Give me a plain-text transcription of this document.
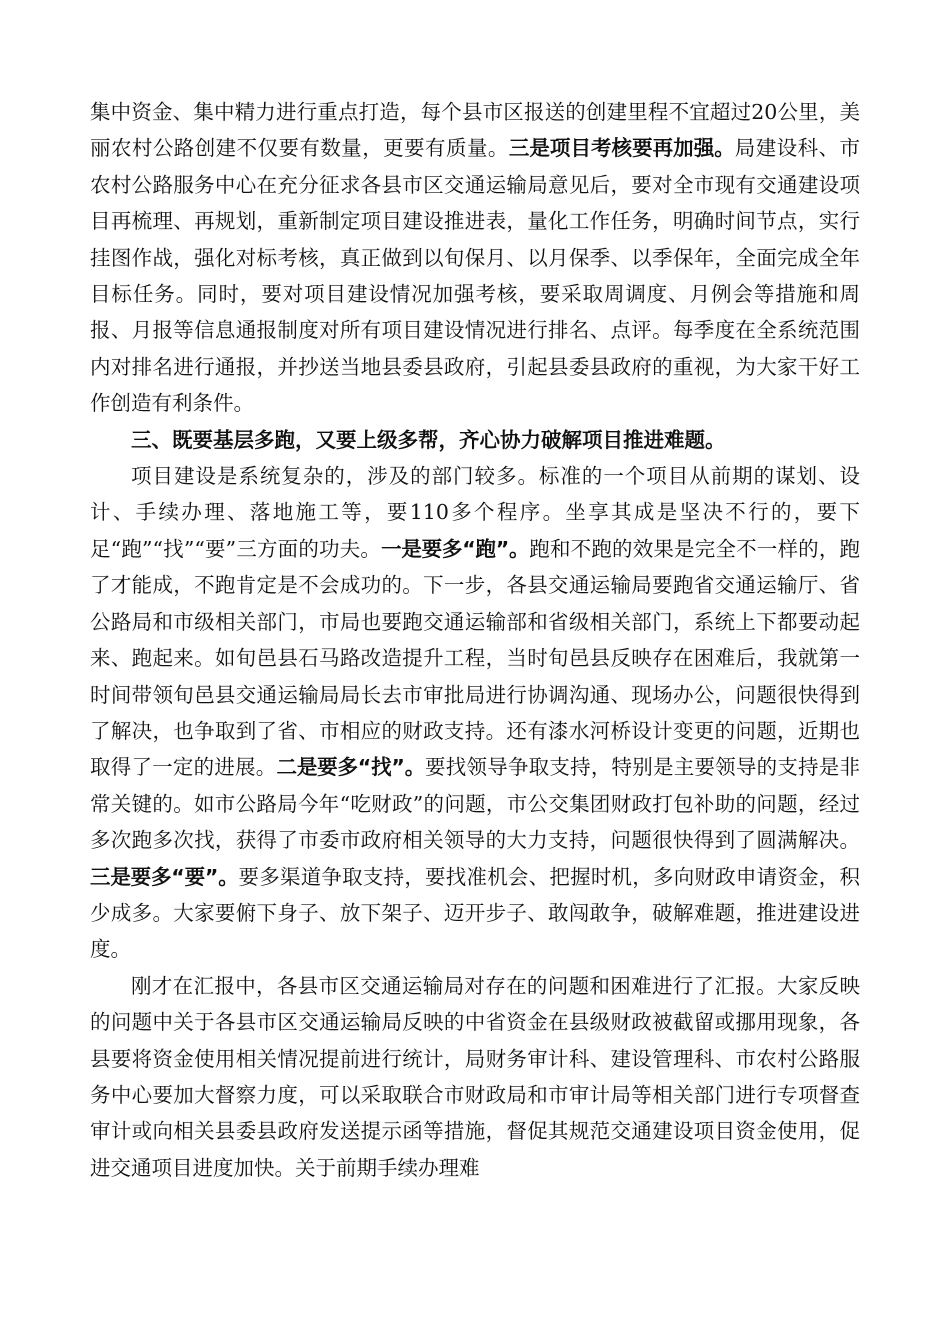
集中资金、集中精力进行重点打造，每个县市区报送的创建里程不宜超过20公里，美丽农村公路创建不仅要有数量，更要有质量。三是项目考核要再加强。局建设科、市农村公路服务中心在充分征求各县市区交通运输局意见后，要对全市现有交通建设项目再梳理、再规划，重新制定项目建设推进表，量化工作任务，明确时间节点，实行挂图作战，强化对标考核，真正做到以旬保月、以月保季、以季保年，全面完成全年目标任务。同时，要对项目建设情况加强考核，要采取周调度、月例会等措施和周报、月报等信息通报制度对所有项目建设情况进行排名、点评。每季度在全系统范围内对排名进行通报，并抄送当地县委县政府，引起县委县政府的重视，为大家干好工作创造有利条件。

三、既要基层多跑，又要上级多帮，齐心协力破解项目推进难题。

项目建设是系统复杂的，涉及的部门较多。标准的一个项目从前期的谋划、设计、手续办理、落地施工等，要110多个程序。坐享其成是坚决不行的，要下足“跑”“找”“要”三方面的功夫。一是要多“跑”。跑和不跑的效果是完全不一样的，跑了才能成，不跑肯定是不会成功的。下一步，各县交通运输局要跑省交通运输厅、省公路局和市级相关部门，市局也要跑交通运输部和省级相关部门，系统上下都要动起来、跑起来。如旬邑县石马路改造提升工程，当时旬邑县反映存在困难后，我就第一时间带领旬邑县交通运输局局长去市审批局进行协调沟通、现场办公，问题很快得到了解决，也争取到了省、市相应的财政支持。还有漆水河桥设计变更的问题，近期也取得了一定的进展。二是要多“找”。要找领导争取支持，特别是主要领导的支持是非常关键的。如市公路局今年“吃财政”的问题，市公交集团财政打包补助的问题，经过多次跑多次找，获得了市委市政府相关领导的大力支持，问题很快得到了圆满解决。三是要多“要”。要多渠道争取支持，要找准机会、把握时机，多向财政申请资金，积少成多。大家要俯下身子、放下架子、迈开步子、敢闯敢争，破解难题，推进建设进度。

刚才在汇报中，各县市区交通运输局对存在的问题和困难进行了汇报。大家反映的问题中关于各县市区交通运输局反映的中省资金在县级财政被截留或挪用现象，各县要将资金使用相关情况提前进行统计，局财务审计科、建设管理科、市农村公路服务中心要加大督察力度，可以采取联合市财政局和市审计局等相关部门进行专项督查审计或向相关县委县政府发送提示函等措施，督促其规范交通建设项目资金使用，促进交通项目进度加快。关于前期手续办理难
